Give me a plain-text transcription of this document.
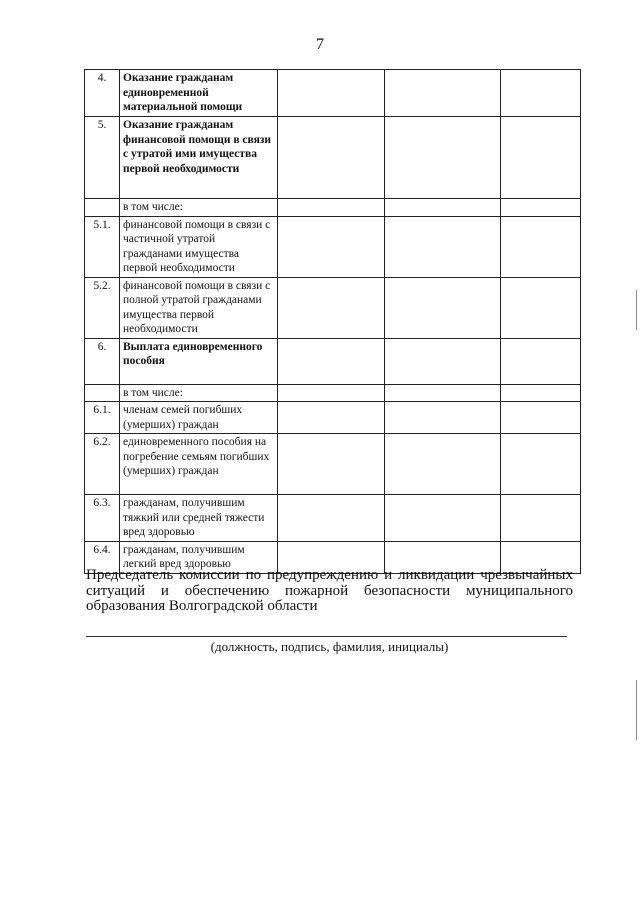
7
4.	Оказание гражданам единовременной материальной помощи			
5.	Оказание гражданам финансовой помощи в связи с утратой ими имущества первой необходимости			
	в том числе:			
5.1.	финансовой помощи в связи с частичной утратой гражданами имущества первой необходимости			
5.2.	финансовой помощи в связи с полной утратой гражданами имущества первой необходимости			
6.	Выплата единовременного пособия			
	в том числе:			
6.1.	членам семей погибших (умерших) граждан			
6.2.	единовременного пособия на погребение семьям погибших (умерших) граждан			
6.3.	гражданам, получившим тяжкий или средней тяжести вред здоровью			
6.4.	гражданам, получившим легкий вред здоровью			
Председатель комиссии по предупреждению и ликвидации чрезвычайных ситуаций и обеспечению пожарной безопасности муниципального образования Волгоградской области
(должность, подпись, фамилия, инициалы)
